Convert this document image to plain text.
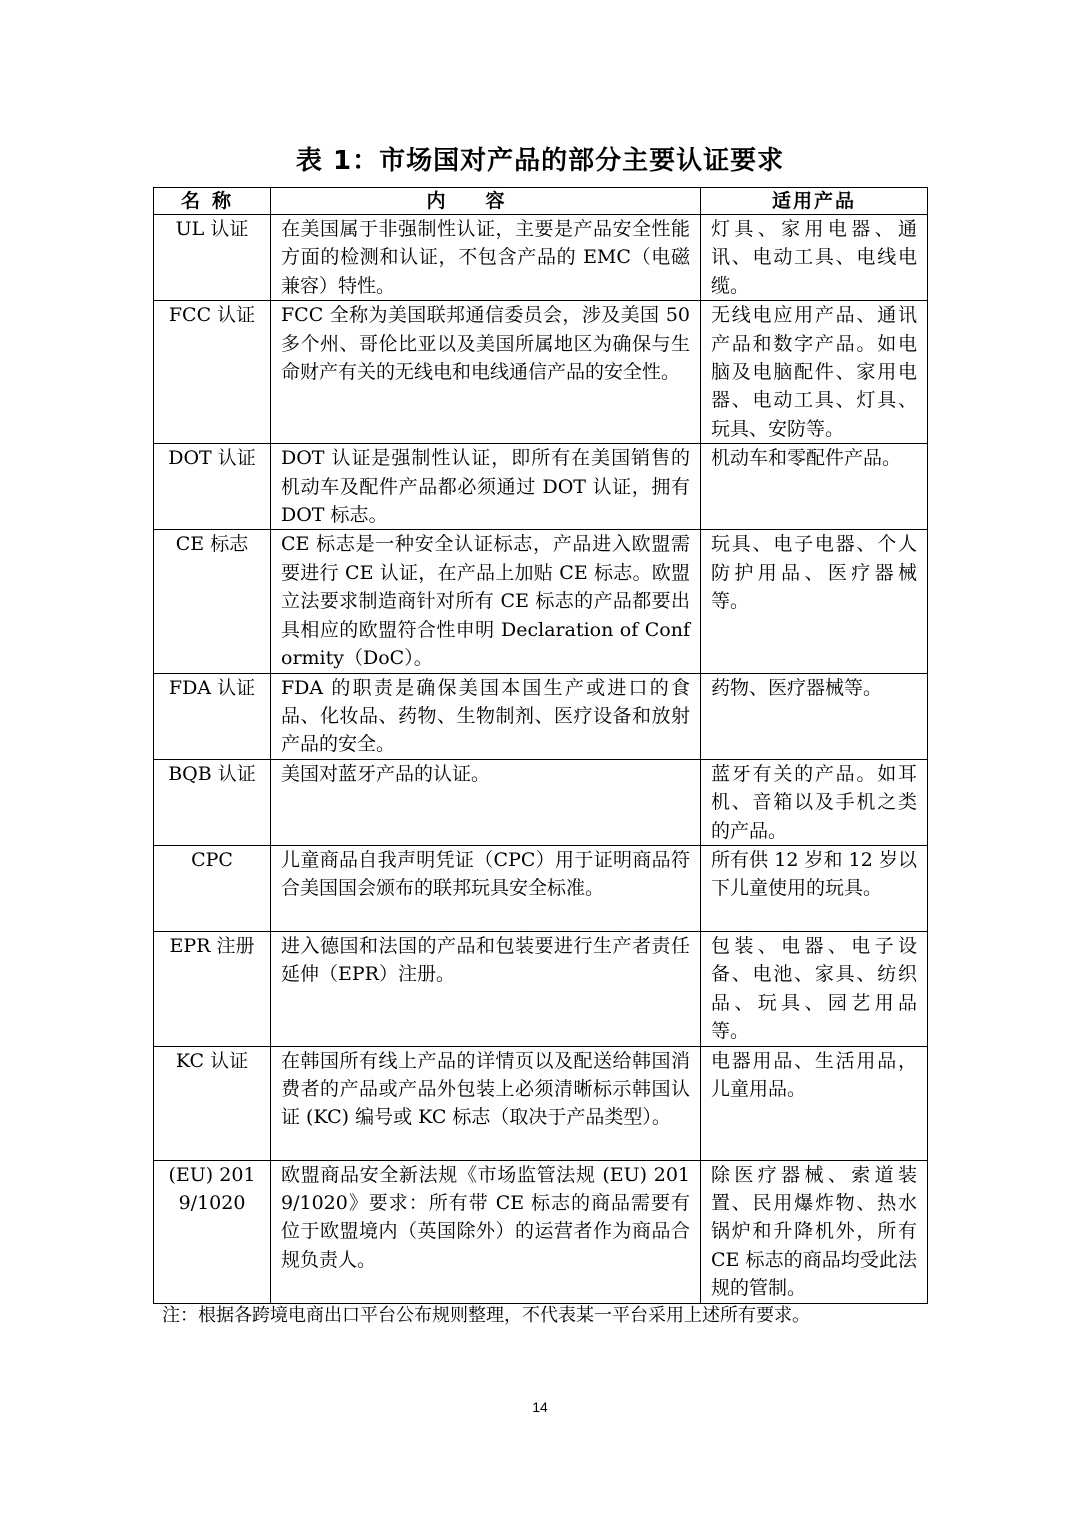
表 1：市场国对产品的部分主要认证要求
名称	内容	适用产品
UL 认证	在美国属于非强制性认证，主要是产品安全性能方面的检测和认证，不包含产品的 EMC（电磁兼容）特性。	灯具、家用电器、通讯、电动工具、电线电缆。
FCC 认证	FCC 全称为美国联邦通信委员会，涉及美国 50 多个州、哥伦比亚以及美国所属地区为确保与生命财产有关的无线电和电线通信产品的安全性。	无线电应用产品、通讯产品和数字产品。如电脑及电脑配件、家用电器、电动工具、灯具、玩具、安防等。
DOT 认证	DOT 认证是强制性认证，即所有在美国销售的机动车及配件产品都必须通过 DOT 认证，拥有 DOT 标志。	机动车和零配件产品。
CE 标志	CE 标志是一种安全认证标志，产品进入欧盟需要进行 CE 认证，在产品上加贴 CE 标志。欧盟立法要求制造商针对所有 CE 标志的产品都要出具相应的欧盟符合性申明 Declaration of Conformity（DoC）。	玩具、电子电器、个人防护用品、医疗器械等。
FDA 认证	FDA 的职责是确保美国本国生产或进口的食品、化妆品、药物、生物制剂、医疗设备和放射产品的安全。	药物、医疗器械等。
BQB 认证	美国对蓝牙产品的认证。	蓝牙有关的产品。如耳机、音箱以及手机之类的产品。
CPC	儿童商品自我声明凭证（CPC）用于证明商品符合美国国会颁布的联邦玩具安全标准。	所有供 12 岁和 12 岁以下儿童使用的玩具。
EPR 注册	进入德国和法国的产品和包装要进行生产者责任延伸（EPR）注册。	包装、电器、电子设备、电池、家具、纺织品、玩具、园艺用品等。
KC 认证	在韩国所有线上产品的详情页以及配送给韩国消费者的产品或产品外包装上必须清晰标示韩国认证 (KC) 编号或 KC 标志（取决于产品类型）。	电器用品、生活用品，儿童用品。
(EU) 2019/1020	欧盟商品安全新法规《市场监管法规 (EU) 2019/1020》要求：所有带 CE 标志的商品需要有位于欧盟境内（英国除外）的运营者作为商品合规负责人。	除医疗器械、索道装置、民用爆炸物、热水锅炉和升降机外，所有 CE 标志的商品均受此法规的管制。
注：根据各跨境电商出口平台公布规则整理，不代表某一平台采用上述所有要求。
14
